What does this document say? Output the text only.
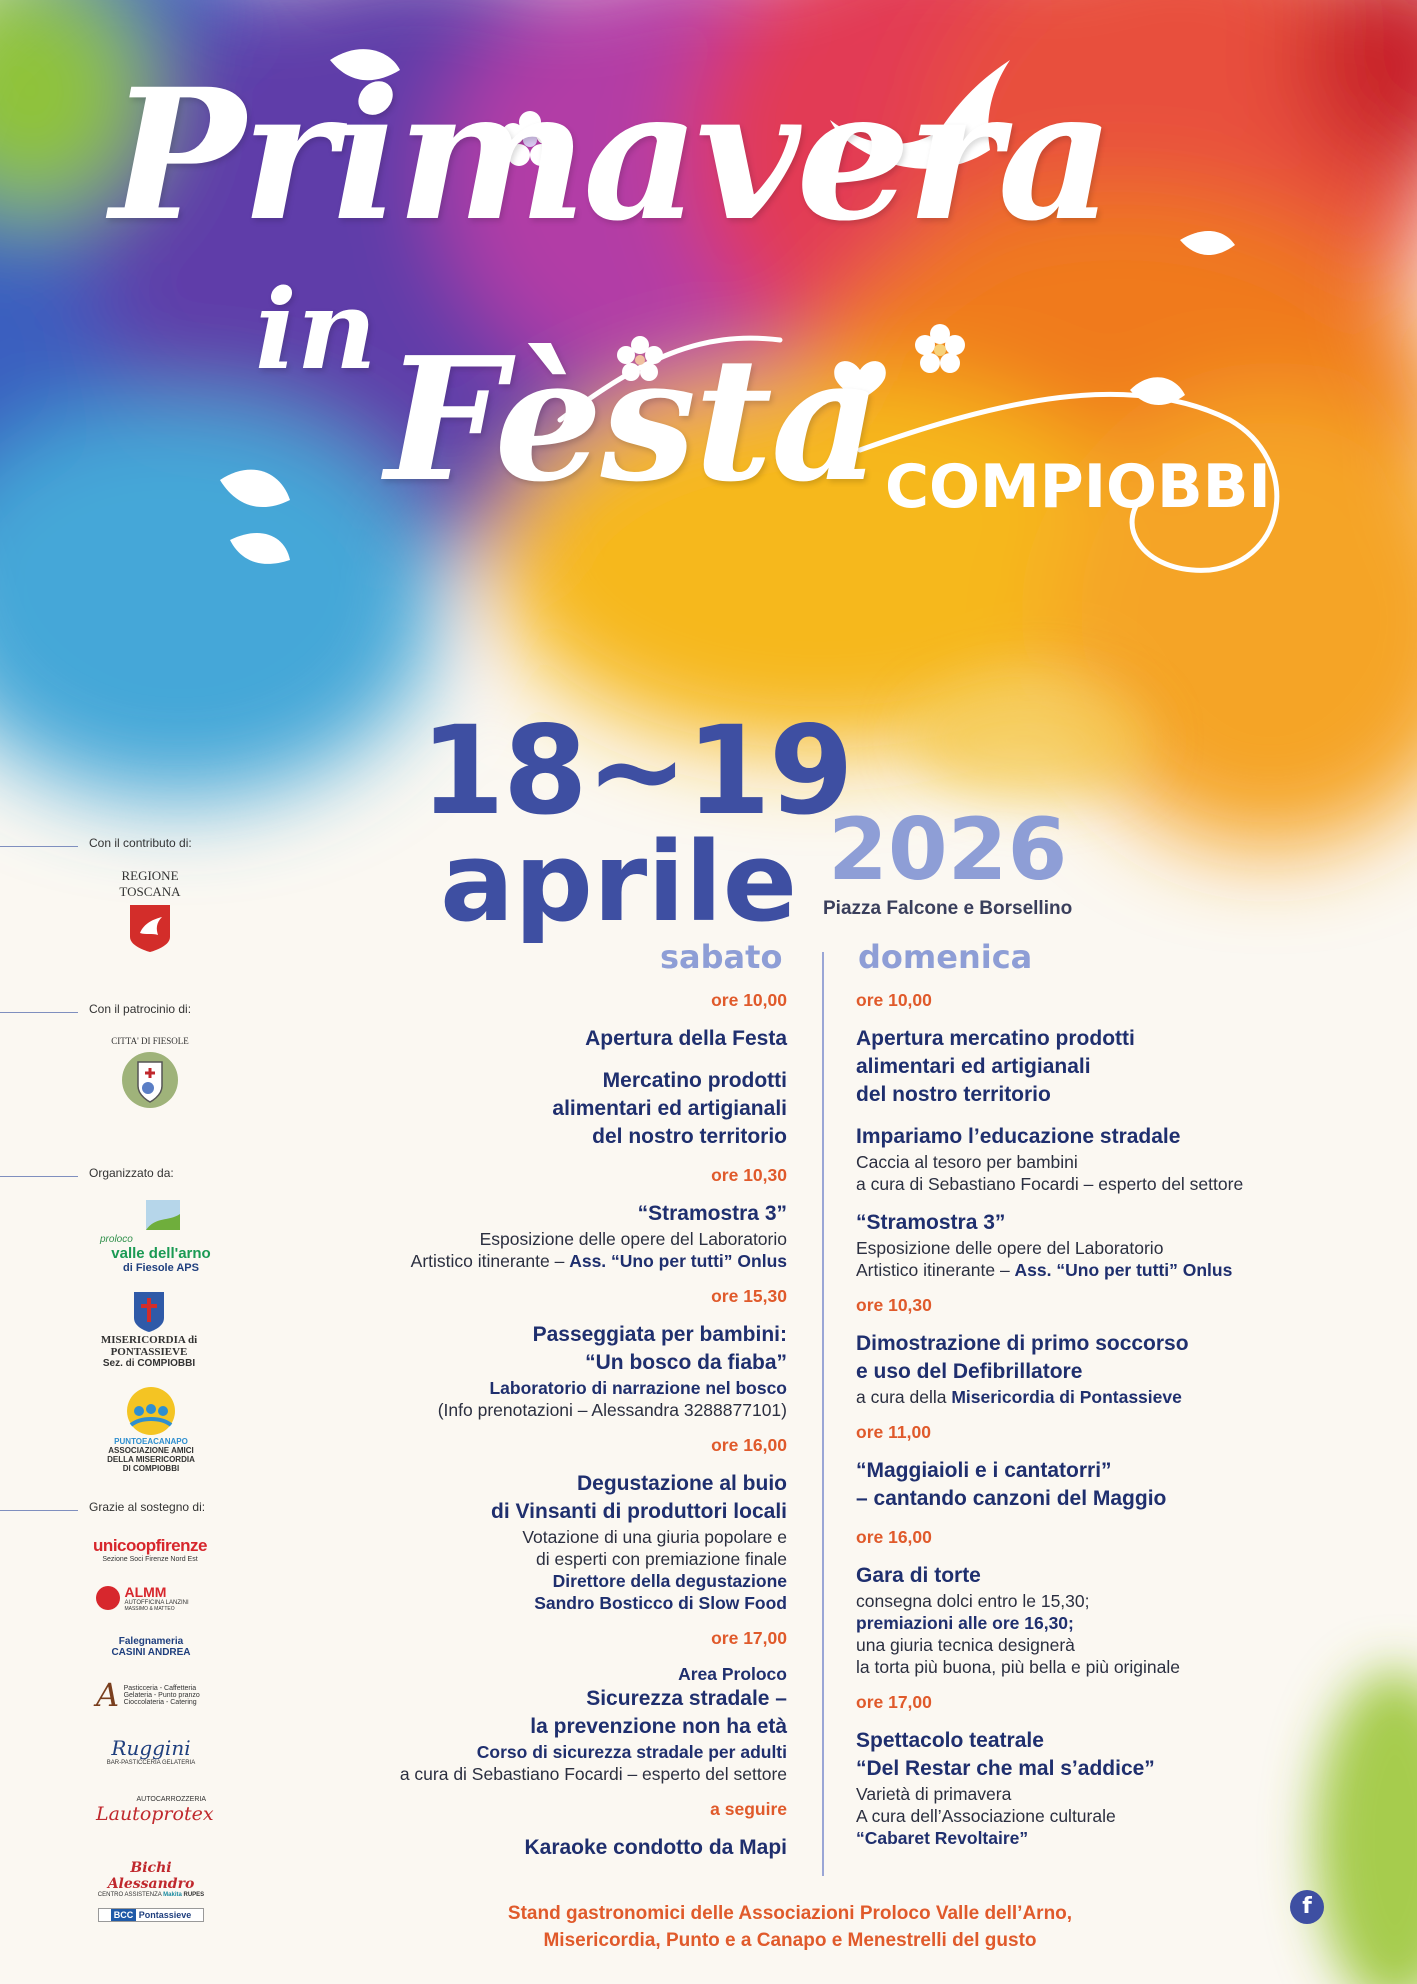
Primavera
in Fèsta COMPIOBBI
18~19
aprile 2026
Piazza Falcone e Borsellino
sabato domenica
ore 10,00
Apertura della Festa
Mercatino prodotti
alimentari ed artigianali
del nostro territorio
ore 10,30
“Stramostra 3”
Esposizione delle opere del Laboratorio
Artistico itinerante – Ass. “Uno per tutti” Onlus
ore 15,30
Passeggiata per bambini:
“Un bosco da fiaba”
Laboratorio di narrazione nel bosco
(Info prenotazioni – Alessandra 3288877101)
ore 16,00
Degustazione al buio
di Vinsanti di produttori locali
Votazione di una giuria popolare e
di esperti con premiazione finale
Direttore della degustazione
Sandro Bosticco di Slow Food
ore 17,00
Area Proloco
Sicurezza stradale –
la prevenzione non ha età
Corso di sicurezza stradale per adulti
a cura di Sebastiano Focardi – esperto del settore
a seguire
Karaoke condotto da Mapi
ore 10,00
Apertura mercatino prodotti
alimentari ed artigianali
del nostro territorio
Impariamo l’educazione stradale
Caccia al tesoro per bambini
a cura di Sebastiano Focardi – esperto del settore
“Stramostra 3”
Esposizione delle opere del Laboratorio
Artistico itinerante – Ass. “Uno per tutti” Onlus
ore 10,30
Dimostrazione di primo soccorso
e uso del Defibrillatore
a cura della Misericordia di Pontassieve
ore 11,00
“Maggiaioli e i cantatorri”
– cantando canzoni del Maggio
ore 16,00
Gara di torte
consegna dolci entro le 15,30;
premiazioni alle ore 16,30;
una giuria tecnica designerà
la torta più buona, più bella e più originale
ore 17,00
Spettacolo teatrale
“Del Restar che mal s’addice”
Varietà di primavera
A cura dell’Associazione culturale
“Cabaret Revoltaire”
Con il contributo di:
REGIONE
TOSCANA
Con il patrocinio di:
CITTA' DI FIESOLE
Organizzato da:
proloco
valle dell'arno
di Fiesole APS
MISERICORDIA di PONTASSIEVE
Sez. di COMPIOBBI
PUNTOEACANAPO
ASSOCIAZIONE AMICI
DELLA MISERICORDIA
DI COMPIOBBI
Grazie al sostegno di:
unicoopfirenze
Sezione Soci Firenze Nord Est

ALMM
AUTOFFICINA LANZINI
MASSIMO & MATTEO
Falegnameria
CASINI ANDREA
A Pasticceria - Caffetteria
Gelateria - Punto pranzo
Cioccolateria - Catering
Ruggini
BAR-PASTICCERIA GELATERIA
AUTOCARROZZERIA
Lautoprotex
Bichi Alessandro
CENTRO ASSISTENZA Makita RUPES
BCC Pontassieve	Stand gastronomici delle Associazioni Proloco Valle dell’Arno,
Misericordia, Punto e a Canapo e Menestrelli del gusto
f
